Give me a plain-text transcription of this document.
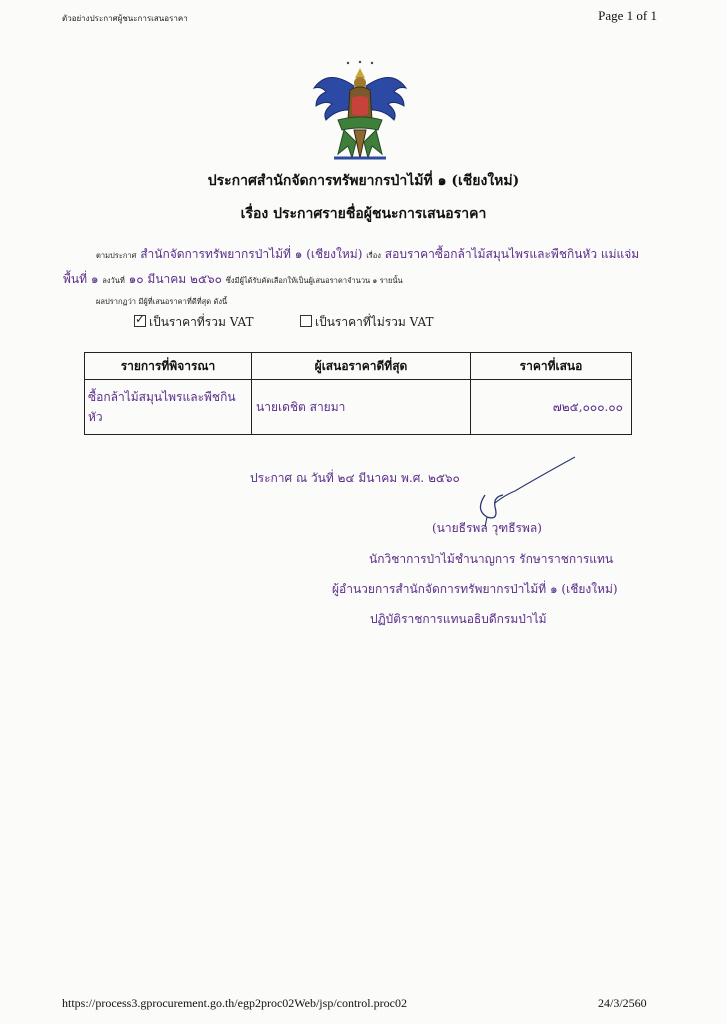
ตัวอย่างประกาศผู้ชนะการเสนอราคา	Page 1 of 1
ประกาศสำนักจัดการทรัพยากรป่าไม้ที่ ๑ (เชียงใหม่)
เรื่อง ประกาศรายชื่อผู้ชนะการเสนอราคา
ตามประกาศ สำนักจัดการทรัพยากรป่าไม้ที่ ๑ (เชียงใหม่) เรื่อง สอบราคาซื้อกล้าไม้สมุนไพรและพืชกินหัว แม่แจ่ม
พื้นที่ ๑ ลงวันที่ ๑๐ มีนาคม ๒๕๖๐ ซึ่งมีผู้ได้รับคัดเลือกให้เป็นผู้เสนอราคาจำนวน ๑ รายนั้น
ผลปรากฏว่า มีผู้ที่เสนอราคาที่ดีที่สุด ดังนี้
✓เป็นราคาที่รวม VAT	เป็นราคาที่ไม่รวม VAT
รายการที่พิจารณา	ผู้เสนอราคาดีที่สุด	ราคาที่เสนอ
ซื้อกล้าไม้สมุนไพรและพืชกินหัว	นายเดชิต สายมา	๗๒๕,๐๐๐.๐๐
ประกาศ ณ วันที่ ๒๔ มีนาคม พ.ศ. ๒๕๖๐
(นายธีรพล วุฑธีรพล)
นักวิชาการป่าไม้ชำนาญการ รักษาราชการแทน
ผู้อำนวยการสำนักจัดการทรัพยากรป่าไม้ที่ ๑ (เชียงใหม่)
ปฏิบัติราชการแทนอธิบดีกรมป่าไม้
https://process3.gprocurement.go.th/egp2proc02Web/jsp/control.proc02	24/3/2560
